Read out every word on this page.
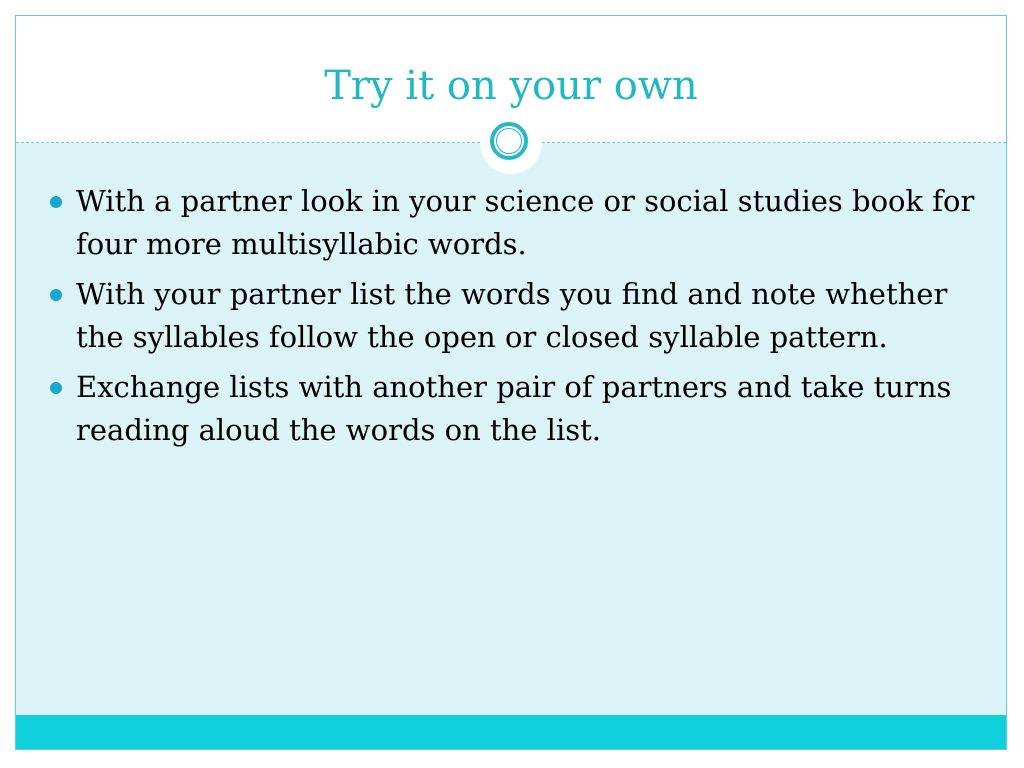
Try it on your own
With a partner look in your science or social studies book for four more multisyllabic words.
With your partner list the words you find and note whether the syllables follow the open or closed syllable pattern.
Exchange lists with another pair of partners and take turns reading aloud the words on the list.
